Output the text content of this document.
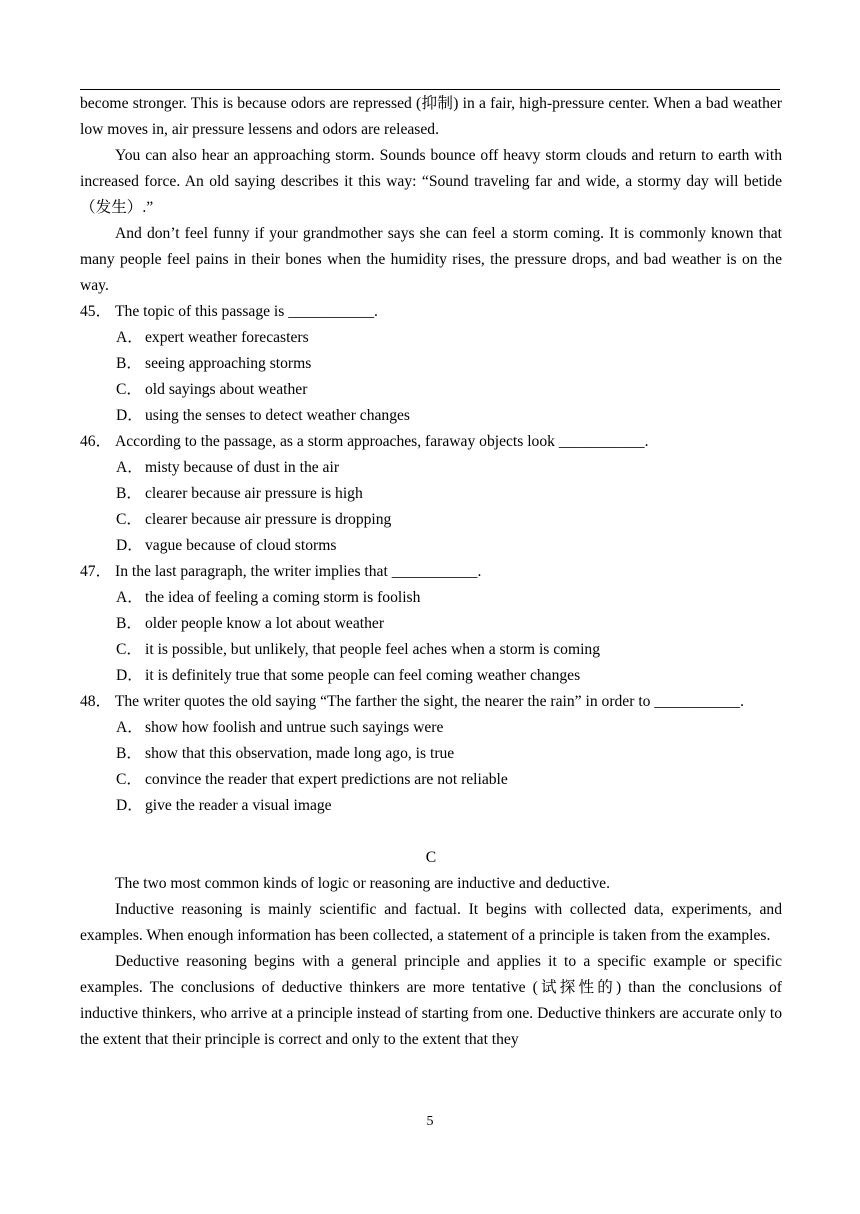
become stronger. This is because odors are repressed (抑制) in a fair, high-pressure center. When a bad weather low moves in, air pressure lessens and odors are released.

You can also hear an approaching storm. Sounds bounce off heavy storm clouds and return to earth with increased force. An old saying describes it this way: “Sound traveling far and wide, a stormy day will betide（发生）.”

And don’t feel funny if your grandmother says she can feel a storm coming. It is commonly known that many people feel pains in their bones when the humidity rises, the pressure drops, and bad weather is on the way.

45． The topic of this passage is ___________.

A． expert weather forecasters

B． seeing approaching storms

C． old sayings about weather

D． using the senses to detect weather changes

46． According to the passage, as a storm approaches, faraway objects look ___________.

A． misty because of dust in the air

B． clearer because air pressure is high

C． clearer because air pressure is dropping

D． vague because of cloud storms

47． In the last paragraph, the writer implies that ___________.

A． the idea of feeling a coming storm is foolish

B． older people know a lot about weather

C． it is possible, but unlikely, that people feel aches when a storm is coming

D． it is definitely true that some people can feel coming weather changes

48． The writer quotes the old saying “The farther the sight, the nearer the rain” in order to ___________.

A． show how foolish and untrue such sayings were

B． show that this observation, made long ago, is true

C． convince the reader that expert predictions are not reliable

D． give the reader a visual image

C

The two most common kinds of logic or reasoning are inductive and deductive.

Inductive reasoning is mainly scientific and factual. It begins with collected data, experiments, and examples. When enough information has been collected, a statement of a principle is taken from the examples.

Deductive reasoning begins with a general principle and applies it to a specific example or specific examples. The conclusions of deductive thinkers are more tentative (试探性的) than the conclusions of inductive thinkers, who arrive at a principle instead of starting from one. Deductive thinkers are accurate only to the extent that their principle is correct and only to the extent that they

5
